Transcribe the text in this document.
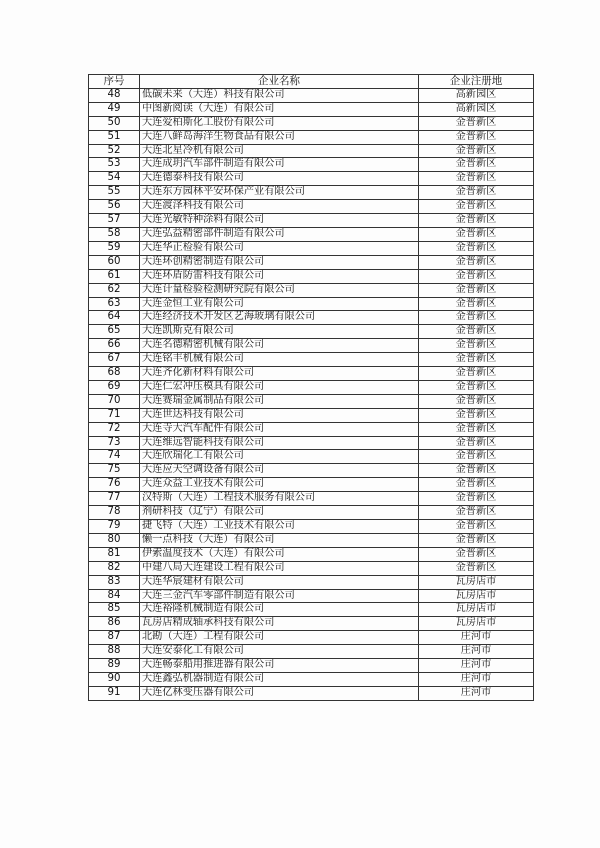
序号	企业名称	企业注册地
48	低碳未来（大连）科技有限公司	高新园区
49	中图新阅读（大连）有限公司	高新园区
50	大连爱柏斯化工股份有限公司	金普新区
51	大连八鲜岛海洋生物食品有限公司	金普新区
52	大连北星冷机有限公司	金普新区
53	大连成玥汽车部件制造有限公司	金普新区
54	大连德泰科技有限公司	金普新区
55	大连东方园林平安环保产业有限公司	金普新区
56	大连渡泽科技有限公司	金普新区
57	大连光敏特种涂料有限公司	金普新区
58	大连弘益精密部件制造有限公司	金普新区
59	大连华正检验有限公司	金普新区
60	大连环创精密制造有限公司	金普新区
61	大连环盾防雷科技有限公司	金普新区
62	大连计量检验检测研究院有限公司	金普新区
63	大连金恒工业有限公司	金普新区
64	大连经济技术开发区艺海玻璃有限公司	金普新区
65	大连凯斯克有限公司	金普新区
66	大连名德精密机械有限公司	金普新区
67	大连铭丰机械有限公司	金普新区
68	大连齐化新材料有限公司	金普新区
69	大连仁宏冲压模具有限公司	金普新区
70	大连赛瑞金属制品有限公司	金普新区
71	大连世达科技有限公司	金普新区
72	大连寺大汽车配件有限公司	金普新区
73	大连维远智能科技有限公司	金普新区
74	大连欣瑞化工有限公司	金普新区
75	大连应天空调设备有限公司	金普新区
76	大连众益工业技术有限公司	金普新区
77	汉特斯（大连）工程技术服务有限公司	金普新区
78	剂研科技（辽宁）有限公司	金普新区
79	捷飞特（大连）工业技术有限公司	金普新区
80	懒一点科技（大连）有限公司	金普新区
81	伊索温度技术（大连）有限公司	金普新区
82	中建八局大连建设工程有限公司	金普新区
83	大连华宸建材有限公司	瓦房店市
84	大连三金汽车零部件制造有限公司	瓦房店市
85	大连裕隆机械制造有限公司	瓦房店市
86	瓦房店精成轴承科技有限公司	瓦房店市
87	北勘（大连）工程有限公司	庄河市
88	大连安泰化工有限公司	庄河市
89	大连畅泰船用推进器有限公司	庄河市
90	大连鑫弘机器制造有限公司	庄河市
91	大连亿林变压器有限公司	庄河市
